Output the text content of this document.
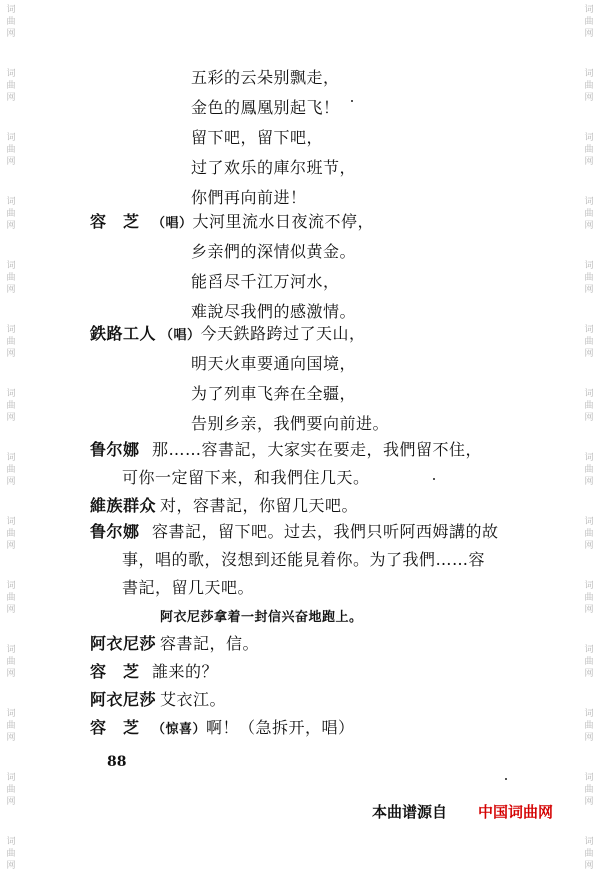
词
曲
网
词
曲
网
词
曲
网
词
曲
网
词
曲
网
词
曲
网
词
曲
网
词
曲
网
词
曲
网
词
曲
网
词
曲
网
词
曲
网
词
曲
网
词
曲
网
词
曲
网
词
曲
网
词
曲
网
词
曲
网
词
曲
网
词
曲
网
词
曲
网
词
曲
网
词
曲
网
词
曲
网
词
曲
网
词
曲
网
词
曲
网
词
曲
网
五彩的云朵别飘走，
金色的鳳凰别起飞！
留下吧，留下吧，
过了欢乐的庫尔班节，
你們再向前进！
容　芝 （唱）大河里流水日夜流不停，
乡亲們的深情似黄金。
能舀尽千江万河水，
难說尽我們的感激情。
鉄路工人 （唱）今天鉄路跨过了天山，
明天火車要通向国境，
为了列車飞奔在全疆，
告别乡亲，我們要向前进。
鲁尔娜 那……容書記，大家实在要走，我們留不住，
可你一定留下来，和我們住几天。
維族群众 对，容書記，你留几天吧。
鲁尔娜 容書記，留下吧。过去，我們只听阿西姆講的故
事，唱的歌，沒想到还能見着你。为了我們……容
書記，留几天吧。
阿衣尼莎拿着一封信兴奋地跑上。
阿衣尼莎 容書記，信。
容　芝 誰来的？
阿衣尼莎 艾衣江。
容　芝 （惊喜）啊！（急拆开，唱）
88
本曲谱源自 中国词曲网
